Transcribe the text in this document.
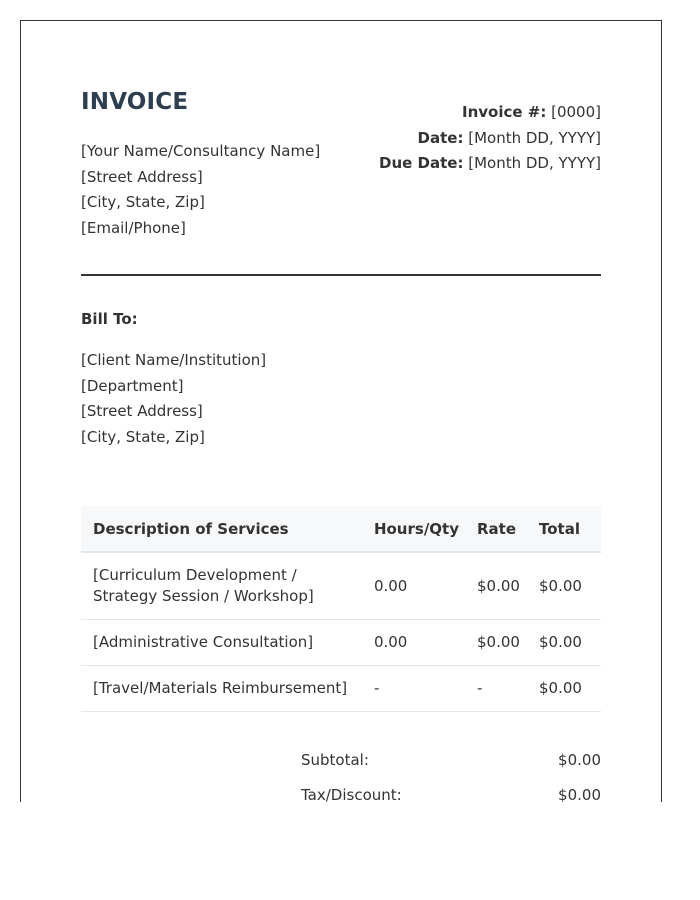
INVOICE
[Your Name/Consultancy Name]
[Street Address]
[City, State, Zip]
[Email/Phone]
Invoice #: [0000]
Date: [Month DD, YYYY]
Due Date: [Month DD, YYYY]
Bill To:
[Client Name/Institution]
[Department]
[Street Address]
[City, State, Zip]
Description of Services	Hours/Qty	Rate	Total
[Curriculum Development / Strategy Session / Workshop]	0.00	$0.00	$0.00
[Administrative Consultation]	0.00	$0.00	$0.00
[Travel/Materials Reimbursement]	-	-	$0.00
Subtotal:	$0.00
Tax/Discount:	$0.00
